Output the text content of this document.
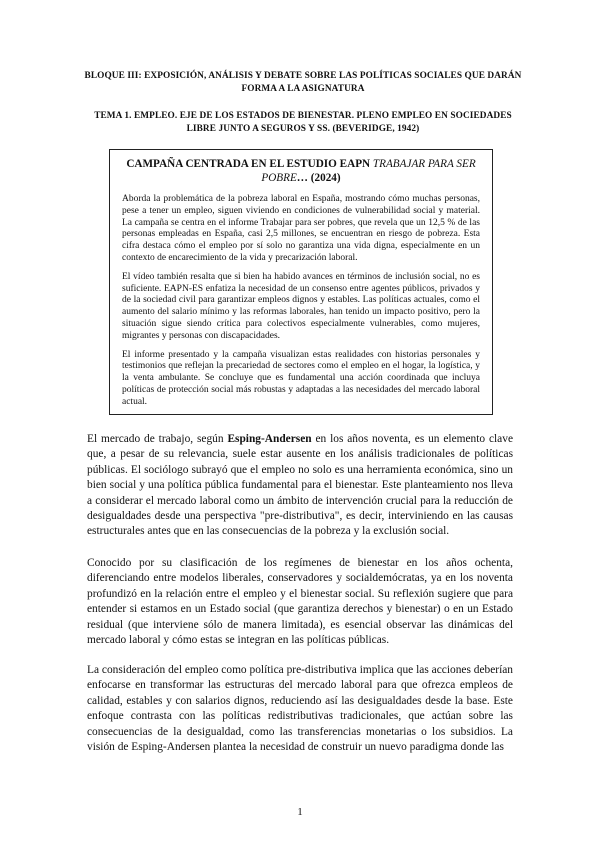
BLOQUE III: EXPOSICIÓN, ANÁLISIS Y DEBATE SOBRE LAS POLÍTICAS SOCIALES QUE DARÁN FORMA A LA ASIGNATURA
TEMA 1. EMPLEO. EJE DE LOS ESTADOS DE BIENESTAR. PLENO EMPLEO EN SOCIEDADES LIBRE JUNTO A SEGUROS Y SS. (BEVERIDGE, 1942)
CAMPAÑA CENTRADA EN EL ESTUDIO EAPN TRABAJAR PARA SER POBRE… (2024)

Aborda la problemática de la pobreza laboral en España, mostrando cómo muchas personas, pese a tener un empleo, siguen viviendo en condiciones de vulnerabilidad social y material. La campaña se centra en el informe Trabajar para ser pobres, que revela que un 12,5 % de las personas empleadas en España, casi 2,5 millones, se encuentran en riesgo de pobreza. Esta cifra destaca cómo el empleo por sí solo no garantiza una vida digna, especialmente en un contexto de encarecimiento de la vida y precarización laboral.

El vídeo también resalta que si bien ha habido avances en términos de inclusión social, no es suficiente. EAPN-ES enfatiza la necesidad de un consenso entre agentes públicos, privados y de la sociedad civil para garantizar empleos dignos y estables. Las políticas actuales, como el aumento del salario mínimo y las reformas laborales, han tenido un impacto positivo, pero la situación sigue siendo crítica para colectivos especialmente vulnerables, como mujeres, migrantes y personas con discapacidades.

El informe presentado y la campaña visualizan estas realidades con historias personales y testimonios que reflejan la precariedad de sectores como el empleo en el hogar, la logística, y la venta ambulante. Se concluye que es fundamental una acción coordinada que incluya políticas de protección social más robustas y adaptadas a las necesidades del mercado laboral actual.

El mercado de trabajo, según Esping-Andersen en los años noventa, es un elemento clave que, a pesar de su relevancia, suele estar ausente en los análisis tradicionales de políticas públicas. El sociólogo subrayó que el empleo no solo es una herramienta económica, sino un bien social y una política pública fundamental para el bienestar. Este planteamiento nos lleva a considerar el mercado laboral como un ámbito de intervención crucial para la reducción de desigualdades desde una perspectiva "pre-distributiva", es decir, interviniendo en las causas estructurales antes que en las consecuencias de la pobreza y la exclusión social.

Conocido por su clasificación de los regímenes de bienestar en los años ochenta, diferenciando entre modelos liberales, conservadores y socialdemócratas, ya en los noventa profundizó en la relación entre el empleo y el bienestar social. Su reflexión sugiere que para entender si estamos en un Estado social (que garantiza derechos y bienestar) o en un Estado residual (que interviene sólo de manera limitada), es esencial observar las dinámicas del mercado laboral y cómo estas se integran en las políticas públicas.

La consideración del empleo como política pre-distributiva implica que las acciones deberían enfocarse en transformar las estructuras del mercado laboral para que ofrezca empleos de calidad, estables y con salarios dignos, reduciendo así las desigualdades desde la base. Este enfoque contrasta con las políticas redistributivas tradicionales, que actúan sobre las consecuencias de la desigualdad, como las transferencias monetarias o los subsidios. La visión de Esping-Andersen plantea la necesidad de construir un nuevo paradigma donde las

1
